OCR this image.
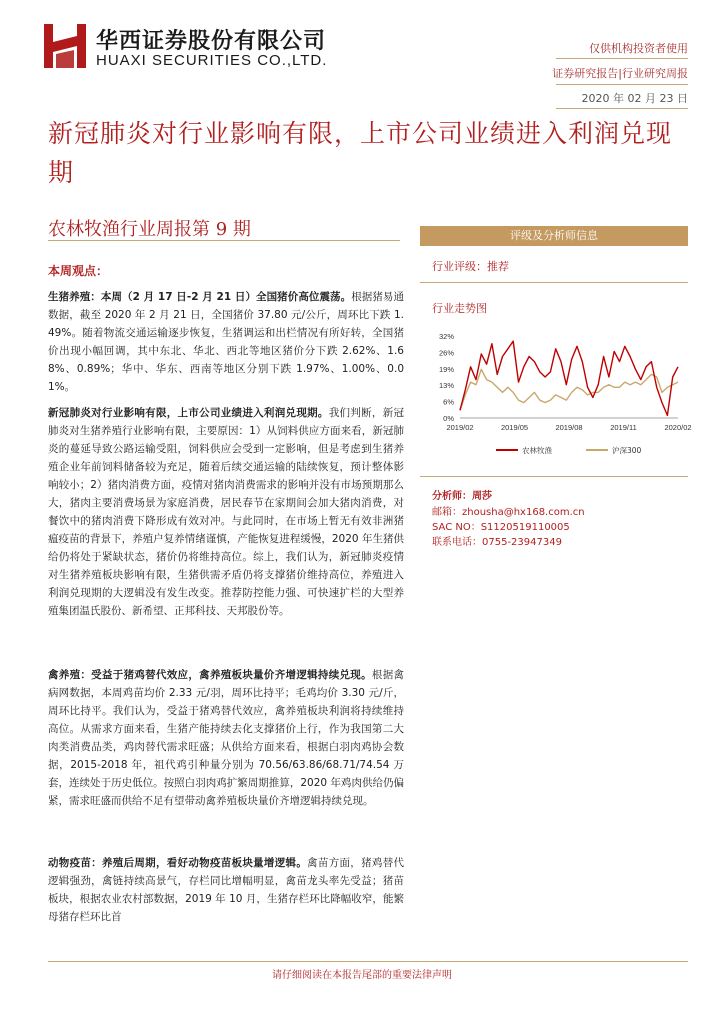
华西证券股份有限公司
HUAXI SECURITIES CO.,LTD.
仅供机构投资者使用
证券研究报告|行业研究周报
2020 年 02 月 23 日
新冠肺炎对行业影响有限，上市公司业绩进入利润兑现期
农林牧渔行业周报第 9 期
本周观点：
生猪养殖：本周（2 月 17 日-2 月 21 日）全国猪价高位震荡。根据猪易通数据，截至 2020 年 2 月 21 日，全国猪价 37.80 元/公斤，周环比下跌 1.49%。随着物流交通运输逐步恢复，生猪调运和出栏情况有所好转，全国猪价出现小幅回调，其中东北、华北、西北等地区猪价分下跌 2.62%、1.68%、0.89%；华中、华东、西南等地区分别下跌 1.97%、1.00%、0.01%。
新冠肺炎对行业影响有限，上市公司业绩进入利润兑现期。我们判断，新冠肺炎对生猪养殖行业影响有限，主要原因：1）从饲料供应方面来看，新冠肺炎的蔓延导致公路运输受阻，饲料供应会受到一定影响，但是考虑到生猪养殖企业年前饲料储备较为充足，随着后续交通运输的陆续恢复，预计整体影响较小；2）猪肉消费方面，疫情对猪肉消费需求的影响并没有市场预期那么大，猪肉主要消费场景为家庭消费，居民春节在家期间会加大猪肉消费，对餐饮中的猪肉消费下降形成有效对冲。与此同时，在市场上暂无有效非洲猪瘟疫苗的背景下，养殖户复养情绪谨慎，产能恢复进程缓慢，2020 年生猪供给仍将处于紧缺状态，猪价仍将维持高位。综上，我们认为，新冠肺炎疫情对生猪养殖板块影响有限，生猪供需矛盾仍将支撑猪价维持高位，养殖进入利润兑现期的大逻辑没有发生改变。推荐防控能力强、可快速扩栏的大型养殖集团温氏股份、新希望、正邦科技、天邦股份等。
禽养殖：受益于猪鸡替代效应，禽养殖板块量价齐增逻辑持续兑现。根据禽病网数据，本周鸡苗均价 2.33 元/羽，周环比持平；毛鸡均价 3.30 元/斤，周环比持平。我们认为，受益于猪鸡替代效应，禽养殖板块利润将持续维持高位。从需求方面来看，生猪产能持续去化支撑猪价上行，作为我国第二大肉类消费品类，鸡肉替代需求旺盛；从供给方面来看，根据白羽肉鸡协会数据，2015-2018 年，祖代鸡引种量分别为 70.56/63.86/68.71/74.54 万套，连续处于历史低位。按照白羽肉鸡扩繁周期推算，2020 年鸡肉供给仍偏紧，需求旺盛而供给不足有望带动禽养殖板块量价齐增逻辑持续兑现。
动物疫苗：养殖后周期，看好动物疫苗板块量增逻辑。禽苗方面，猪鸡替代逻辑强劲，禽链持续高景气，存栏同比增幅明显，禽苗龙头率先受益；猪苗板块，根据农业农村部数据，2019 年 10 月，生猪存栏环比降幅收窄，能繁母猪存栏环比首
评级及分析师信息
行业评级：推荐
行业走势图
32%
26%
19%
13%
6%
0%
2019/02	2019/05	2019/08	2019/11	2020/02
农林牧渔	沪深300
分析师：周莎
邮箱：zhousha@hx168.com.cn
SAC NO：S1120519110005
联系电话：0755-23947349
请仔细阅读在本报告尾部的重要法律声明
